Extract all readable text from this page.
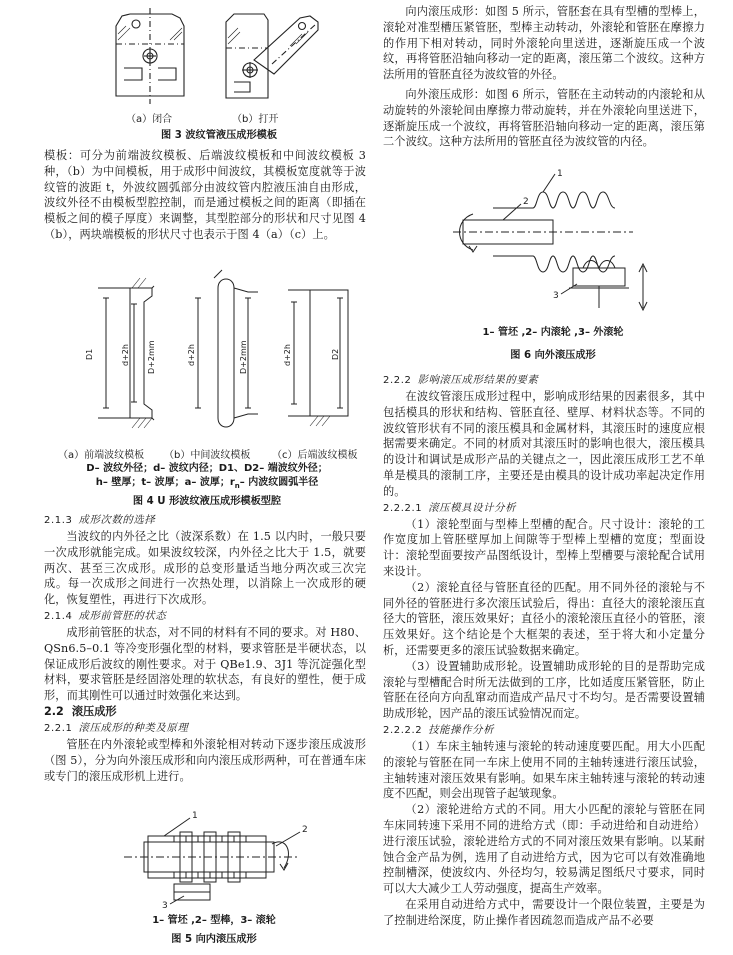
（a）闭合	（b）打开
图 3 波纹管液压成形模板

模板：可分为前端波纹模板、后端波纹模板和中间波纹模板 3 种，（b）为中间模板，用于成形中间波纹，其模板宽度就等于波纹管的波距 t，外波纹圆弧部分由波纹管内腔液压油自由形成，波纹外径不由模板型腔控制，而是通过模板之间的距离（即插在模板之间的模子厚度）来调整，其型腔部分的形状和尺寸见图 4（b），两块端模板的形状尺寸也表示于图 4（a）（c）上。

D1	d+2h D+2mm	d+2h	D+2mm	d+2h	D2
（a）前端波纹模板 （b）中间波纹模板 （c）后端波纹模板
D– 波纹外径；d– 波纹内径；D1、D2– 端波纹外径；
h– 壁厚；t– 波厚；a– 波厚；$r_n-$ 内波纹圆弧半径
图 4 U 形波纹液压成形模板型腔

2.1.3 成形次数的选择

当波纹的内外径之比（波深系数）在 1.5 以内时，一般只要一次成形就能完成。如果波纹较深，内外径之比大于 1.5，就要两次、甚至三次成形。成形的总变形量适当地分两次或三次完成。每一次成形之间进行一次热处理，以消除上一次成形的硬化，恢复塑性，再进行下次成形。

2.1.4 成形前管胚的状态

成形前管胚的状态，对不同的材料有不同的要求。对 H80、QSn6.5–0.1 等冷变形强化型的材料，要求管胚是半硬状态，以保证成形后波纹的刚性要求。对于 QBe1.9、3J1 等沉淀强化型材料，要求管胚是经固溶处理的软状态，有良好的塑性，便于成形，而其刚性可以通过时效强化来达到。

2.2 滚压成形

2.2.1 滚压成形的种类及原理

管胚在内外滚轮或型棒和外滚轮相对转动下逐步滚压成波形（图 5），分为向外滚压成形和向内滚压成形两种，可在普通车床或专门的滚压成形机上进行。

1
2
3
1– 管坯 ,2– 型棒，3– 滚轮
图 5 向内滚压成形

向内滚压成形：如图 5 所示，管胚套在具有型槽的型棒上，滚轮对准型槽压紧管胚，型棒主动转动，外滚轮和管胚在摩擦力的作用下相对转动，同时外滚轮向里送进，逐渐旋压成一个波纹，再将管胚沿轴向移动一定的距离，滚压第二个波纹。这种方法所用的管胚直径为波纹管的外径。

向外滚压成形：如图 6 所示，管胚在主动转动的内滚轮和从动旋转的外滚轮间由摩擦力带动旋转，并在外滚轮向里送进下，逐渐旋压成一个波纹，再将管胚沿轴向移动一定的距离，滚压第二个波纹。这种方法所用的管胚直径为波纹管的内径。

1
2
3
1– 管坯 ,2– 内滚轮 ,3– 外滚轮
图 6 向外滚压成形

2.2.2 影响滚压成形结果的要素

在波纹管滚压成形过程中，影响成形结果的因素很多，其中包括模具的形状和结构、管胚直径、壁厚、材料状态等。不同的波纹管形状有不同的滚压模具和金属材料，其滚压时的速度应根据需要来确定。不同的材质对其滚压时的影响也很大，滚压模具的设计和调试是成形产品的关键点之一，因此滚压成形工艺不单单是模具的滚制工序，主要还是由模具的设计成功率起决定作用的。

2.2.2.1 滚压模具设计分析

（1）滚轮型面与型棒上型槽的配合。尺寸设计：滚轮的工作宽度加上管胚壁厚加上间隙等于型棒上型槽的宽度；型面设计：滚轮型面要按产品图纸设计，型棒上型槽要与滚轮配合试用来设计。

（2）滚轮直径与管胚直径的匹配。用不同外径的滚轮与不同外径的管胚进行多次滚压试验后，得出：直径大的滚轮滚压直径大的管胚，滚压效果好；直径小的滚轮滚压直径小的管胚，滚压效果好。这个结论是个大框架的表述，至于将大和小定量分析，还需要更多的滚压试验数据来确定。

（3）设置辅助成形轮。设置辅助成形轮的目的是帮助完成滚轮与型槽配合时所无法做到的工序，比如适度压紧管胚，防止管胚在径向方向乱窜动而造成产品尺寸不均匀。是否需要设置辅助成形轮，因产品的滚压试验情况而定。

2.2.2.2 技能操作分析

（1）车床主轴转速与滚轮的转动速度要匹配。用大小匹配的滚轮与管胚在同一车床上使用不同的主轴转速进行滚压试验，主轴转速对滚压效果有影响。如果车床主轴转速与滚轮的转动速度不匹配，则会出现管子起皱现象。

（2）滚轮进给方式的不同。用大小匹配的滚轮与管胚在同车床同转速下采用不同的进给方式（即：手动进给和自动进给）进行滚压试验，滚轮进给方式的不同对滚压效果有影响。以某耐蚀合金产品为例，选用了自动进给方式，因为它可以有效准确地控制槽深，使波纹内、外径均匀，较易满足图纸尺寸要求，同时可以大大减少工人劳动强度，提高生产效率。

在采用自动进给方式中，需要设计一个限位装置，主要是为了控制进给深度，防止操作者因疏忽而造成产品不必要
